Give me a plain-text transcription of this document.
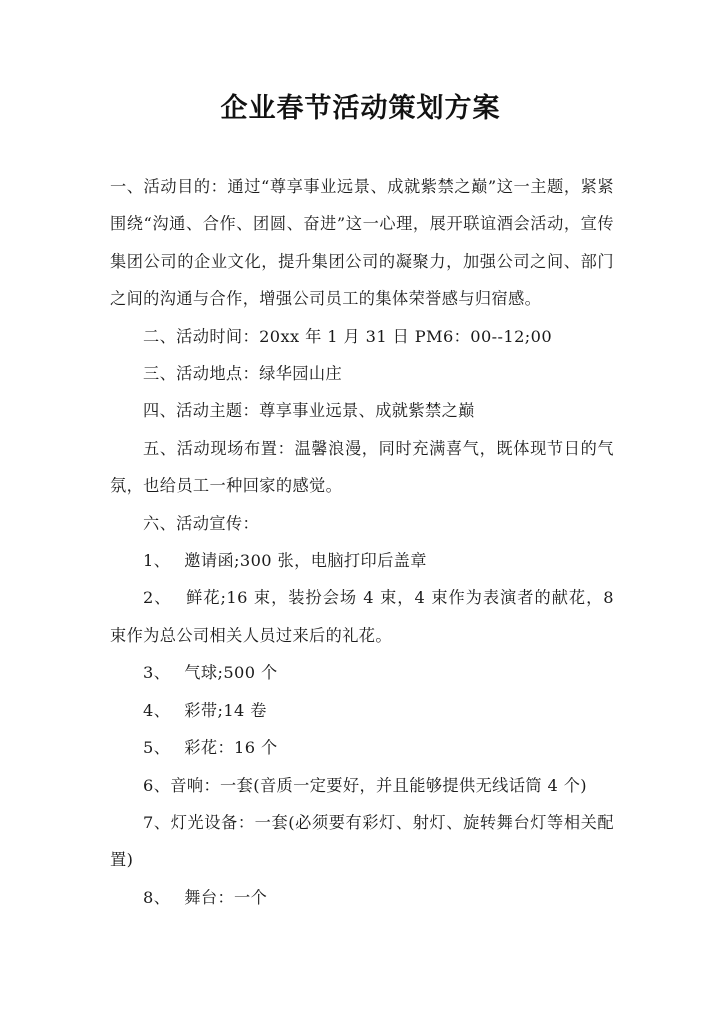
企业春节活动策划方案

一、活动目的：通过“尊享事业远景、成就紫禁之巅”这一主题，紧紧围绕“沟通、合作、团圆、奋进”这一心理，展开联谊酒会活动，宣传集团公司的企业文化，提升集团公司的凝聚力，加强公司之间、部门之间的沟通与合作，增强公司员工的集体荣誉感与归宿感。

二、活动时间：20xx 年 1 月 31 日 PM6：00--12;00

三、活动地点：绿华园山庄

四、活动主题：尊享事业远景、成就紫禁之巅

五、活动现场布置：温馨浪漫，同时充满喜气，既体现节日的气氛，也给员工一种回家的感觉。

六、活动宣传：

1、 邀请函;300 张，电脑打印后盖章

2、 鲜花;16 束，装扮会场 4 束，4 束作为表演者的献花，8 束作为总公司相关人员过来后的礼花。

3、 气球;500 个

4、 彩带;14 卷

5、 彩花：16 个

6、音响：一套(音质一定要好，并且能够提供无线话筒 4 个)

7、灯光设备：一套(必须要有彩灯、射灯、旋转舞台灯等相关配置)

8、 舞台：一个
